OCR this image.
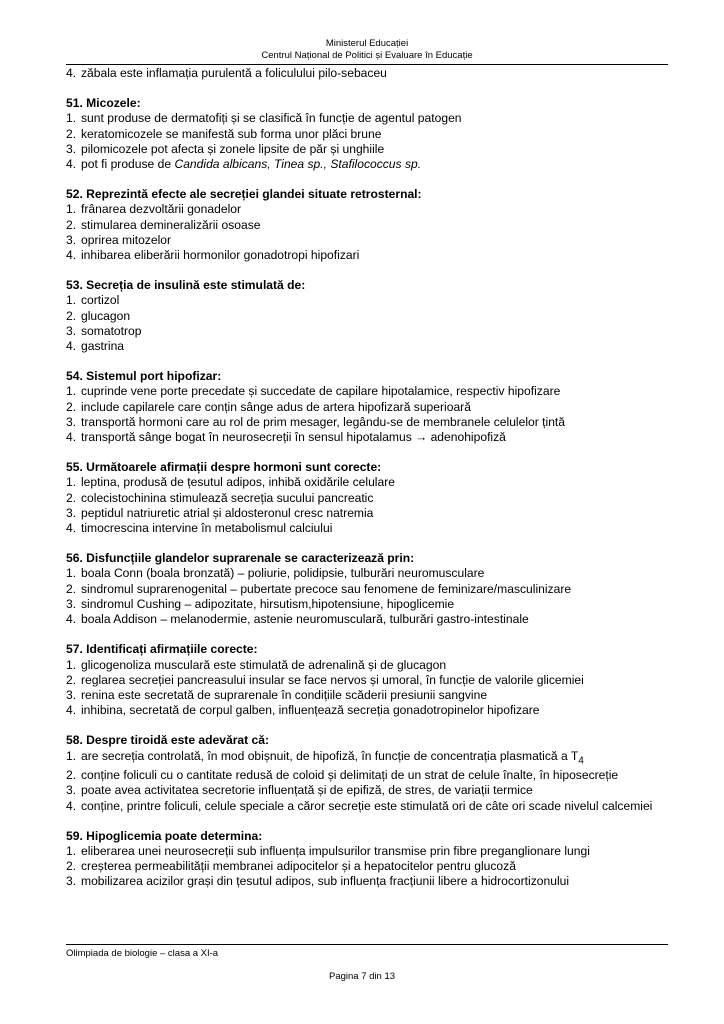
Ministerul Educației
Centrul Național de Politici și Evaluare în Educație
4. zăbala este inflamația purulentă a foliculului pilo-sebaceu
51. Micozele:
1. sunt produse de dermatofiți și se clasifică în funcție de agentul patogen
2. keratomicozele se manifestă sub forma unor plăci brune
3. pilomicozele pot afecta și zonele lipsite de păr și unghiile
4. pot fi produse de Candida albicans, Tinea sp., Stafilococcus sp.
52. Reprezintă efecte ale secreției glandei situate retrosternal:
1. frânarea dezvoltării gonadelor
2. stimularea demineralizării osoase
3. oprirea mitozelor
4. inhibarea eliberării hormonilor gonadotropi hipofizari
53. Secreția de insulină este stimulată de:
1. cortizol
2. glucagon
3. somatotrop
4. gastrina
54. Sistemul port hipofizar:
1. cuprinde vene porte precedate și succedate de capilare hipotalamice, respectiv hipofizare
2. include capilarele care conțin sânge adus de artera hipofizară superioară
3. transportă hormoni care au rol de prim mesager, legându-se de membranele celulelor țintă
4. transportă sânge bogat în neurosecreții în sensul hipotalamus → adenohipofiză
55. Următoarele afirmații despre hormoni sunt corecte:
1. leptina, produsă de țesutul adipos, inhibă oxidările celulare
2. colecistochinina stimulează secreția sucului pancreatic
3. peptidul natriuretic atrial și aldosteronul cresc natremia
4. timocrescina intervine în metabolismul calciului
56. Disfuncțiile glandelor suprarenale se caracterizează prin:
1. boala Conn (boala bronzată) – poliurie, polidipsie, tulburări neuromusculare
2. sindromul suprarenogenital – pubertate precoce sau fenomene de feminizare/masculinizare
3. sindromul Cushing – adipozitate, hirsutism,hipotensiune, hipoglicemie
4. boala Addison – melanodermie, astenie neuromusculară, tulburări gastro-intestinale
57. Identificați afirmațiile corecte:
1. glicogenoliza musculară este stimulată de adrenalină și de glucagon
2. reglarea secreției pancreasului insular se face nervos și umoral, în funcție de valorile glicemiei
3. renina este secretată de suprarenale în condițiile scăderii presiunii sangvine
4. inhibina, secretată de corpul galben, influențează secreția gonadotropinelor hipofizare
58. Despre tiroidă este adevărat că:
1. are secreția controlată, în mod obișnuit, de hipofiză, în funcție de concentrația plasmatică a $T_4$
2. conține foliculi cu o cantitate redusă de coloid și delimitați de un strat de celule înalte, în hiposecreție
3. poate avea activitatea secretorie influențată și de epifiză, de stres, de variații termice
4. conține, printre foliculi, celule speciale a căror secreție este stimulată ori de câte ori scade nivelul calcemiei
59. Hipoglicemia poate determina:
1. eliberarea unei neurosecreții sub influența impulsurilor transmise prin fibre preganglionare lungi
2. creșterea permeabilității membranei adipocitelor și a hepatocitelor pentru glucoză
3. mobilizarea acizilor grași din țesutul adipos, sub influența fracțiunii libere a hidrocortizonului
Olimpiada de biologie – clasa a XI-a
Pagina 7 din 13
